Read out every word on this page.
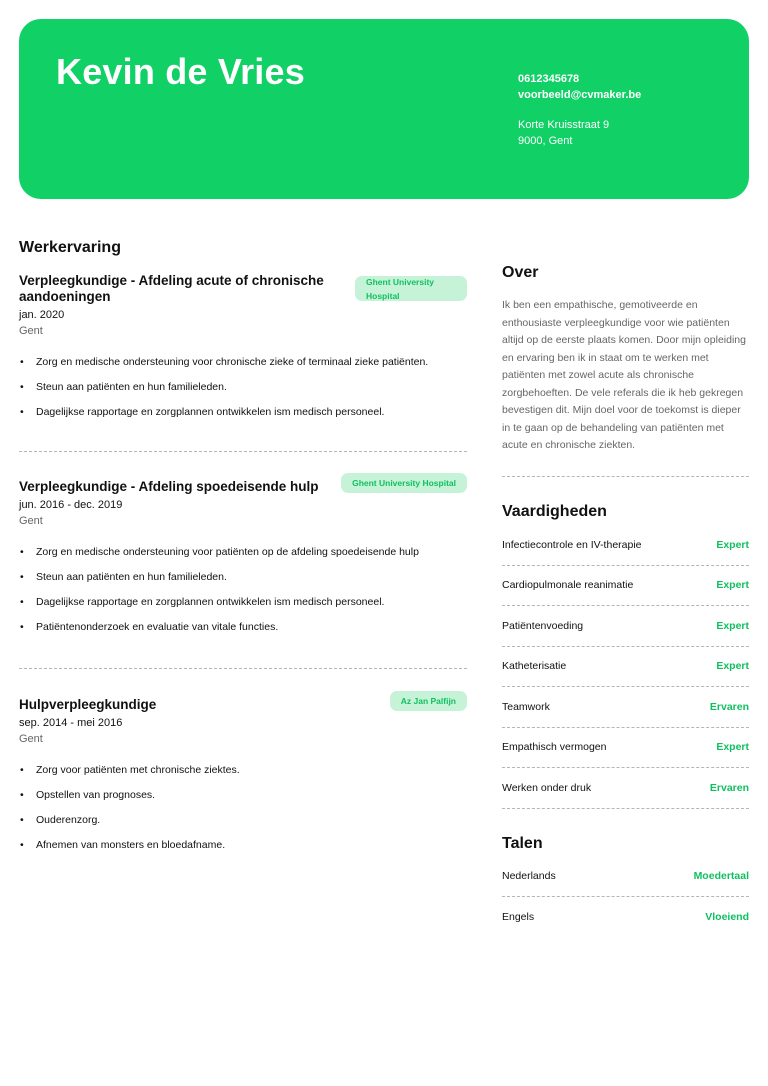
Kevin de Vries	0612345678
voorbeeld@cvmaker.be
Korte Kruisstraat 9
9000, Gent
Werkervaring
Ghent University Hospital
Verpleegkundige - Afdeling acute of chronische aandoeningen
jan. 2020
Gent
• Zorg en medische ondersteuning voor chronische zieke of terminaal zieke patiënten.
• Steun aan patiënten en hun familieleden.
• Dagelijkse rapportage en zorgplannen ontwikkelen ism medisch personeel.
Ghent University Hospital
Verpleegkundige - Afdeling spoedeisende hulp
jun. 2016 - dec. 2019
Gent
• Zorg en medische ondersteuning voor patiënten op de afdeling spoedeisende hulp
• Steun aan patiënten en hun familieleden.
• Dagelijkse rapportage en zorgplannen ontwikkelen ism medisch personeel.
• Patiëntenonderzoek en evaluatie van vitale functies.
Az Jan Palfijn
Hulpverpleegkundige
sep. 2014 - mei 2016
Gent
• Zorg voor patiënten met chronische ziektes.
• Opstellen van prognoses.
• Ouderenzorg.
• Afnemen van monsters en bloedafname.
Over
Ik ben een empathische, gemotiveerde en enthousiaste verpleegkundige voor wie patiënten altijd op de eerste plaats komen. Door mijn opleiding en ervaring ben ik in staat om te werken met patiënten met zowel acute als chronische zorgbehoeften. De vele referals die ik heb gekregen bevestigen dit. Mijn doel voor de toekomst is dieper in te gaan op de behandeling van patiënten met acute en chronische ziekten.
Vaardigheden
Infectiecontrole en IV-therapie	Expert
Cardiopulmonale reanimatie	Expert
Patiëntenvoeding	Expert
Katheterisatie	Expert
Teamwork	Ervaren
Empathisch vermogen	Expert
Werken onder druk	Ervaren
Talen
Nederlands	Moedertaal
Engels	Vloeiend
